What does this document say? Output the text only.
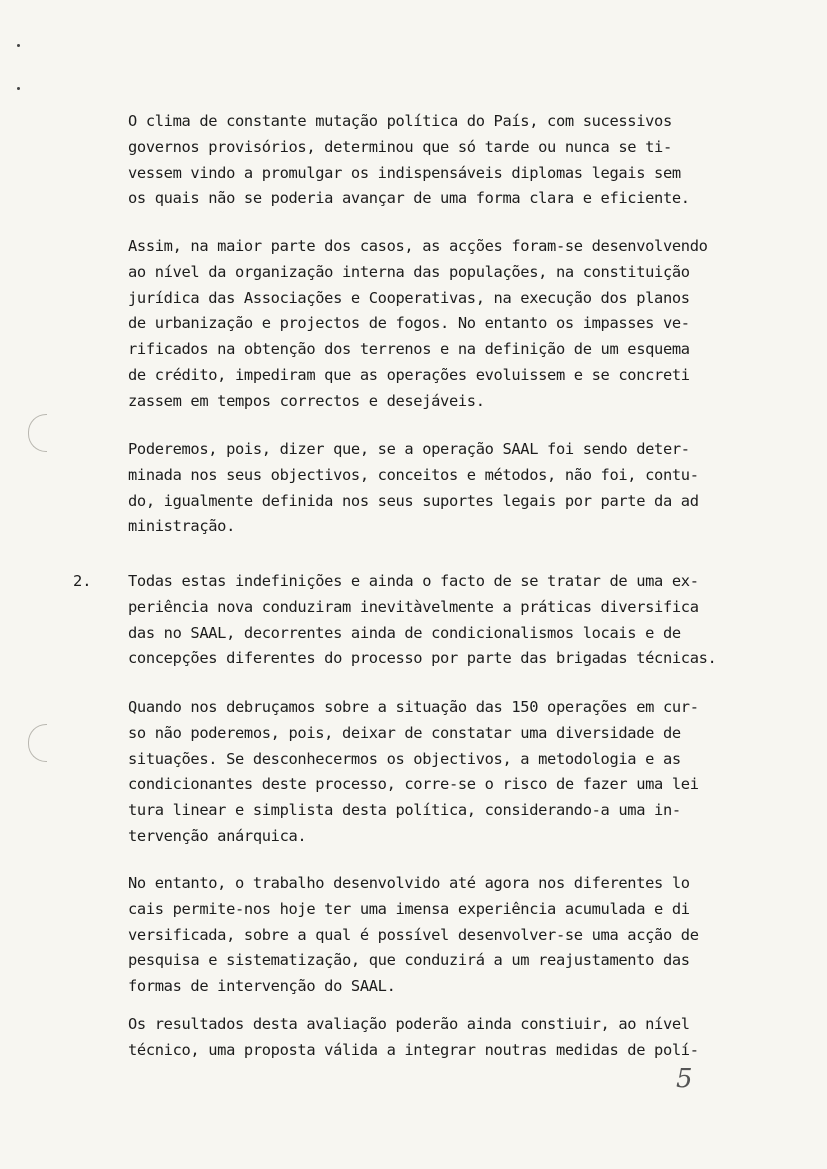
2.
O clima de constante mutação política do País, com sucessivos
governos provisórios, determinou que só tarde ou nunca se ti-
vessem vindo a promulgar os indispensáveis diplomas legais sem
os quais não se poderia avançar de uma forma clara e eficiente.
Assim, na maior parte dos casos, as acções foram-se desenvolvendo
ao nível da organização interna das populações, na constituição
jurídica das Associações e Cooperativas, na execução dos planos
de urbanização e projectos de fogos. No entanto os impasses ve-
rificados na obtenção dos terrenos e na definição de um esquema
de crédito, impediram que as operações evoluissem e se concreti
zassem em tempos correctos e desejáveis.
Poderemos, pois, dizer que, se a operação SAAL foi sendo deter-
minada nos seus objectivos, conceitos e métodos, não foi, contu-
do, igualmente definida nos seus suportes legais por parte da ad
ministração.
Todas estas indefinições e ainda o facto de se tratar de uma ex-
periência nova conduziram inevitàvelmente a práticas diversifica
das no SAAL, decorrentes ainda de condicionalismos locais e de
concepções diferentes do processo por parte das brigadas técnicas.
Quando nos debruçamos sobre a situação das 150 operações em cur-
so não poderemos, pois, deixar de constatar uma diversidade de
situações. Se desconhecermos os objectivos, a metodologia e as
condicionantes deste processo, corre-se o risco de fazer uma lei
tura linear e simplista desta política, considerando-a uma in-
tervenção anárquica.
No entanto, o trabalho desenvolvido até agora nos diferentes lo
cais permite-nos hoje ter uma imensa experiência acumulada e di
versificada, sobre a qual é possível desenvolver-se uma acção de
pesquisa e sistematização, que conduzirá a um reajustamento das
formas de intervenção do SAAL.
Os resultados desta avaliação poderão ainda constiuir, ao nível
técnico, uma proposta válida a integrar noutras medidas de polí-
5
